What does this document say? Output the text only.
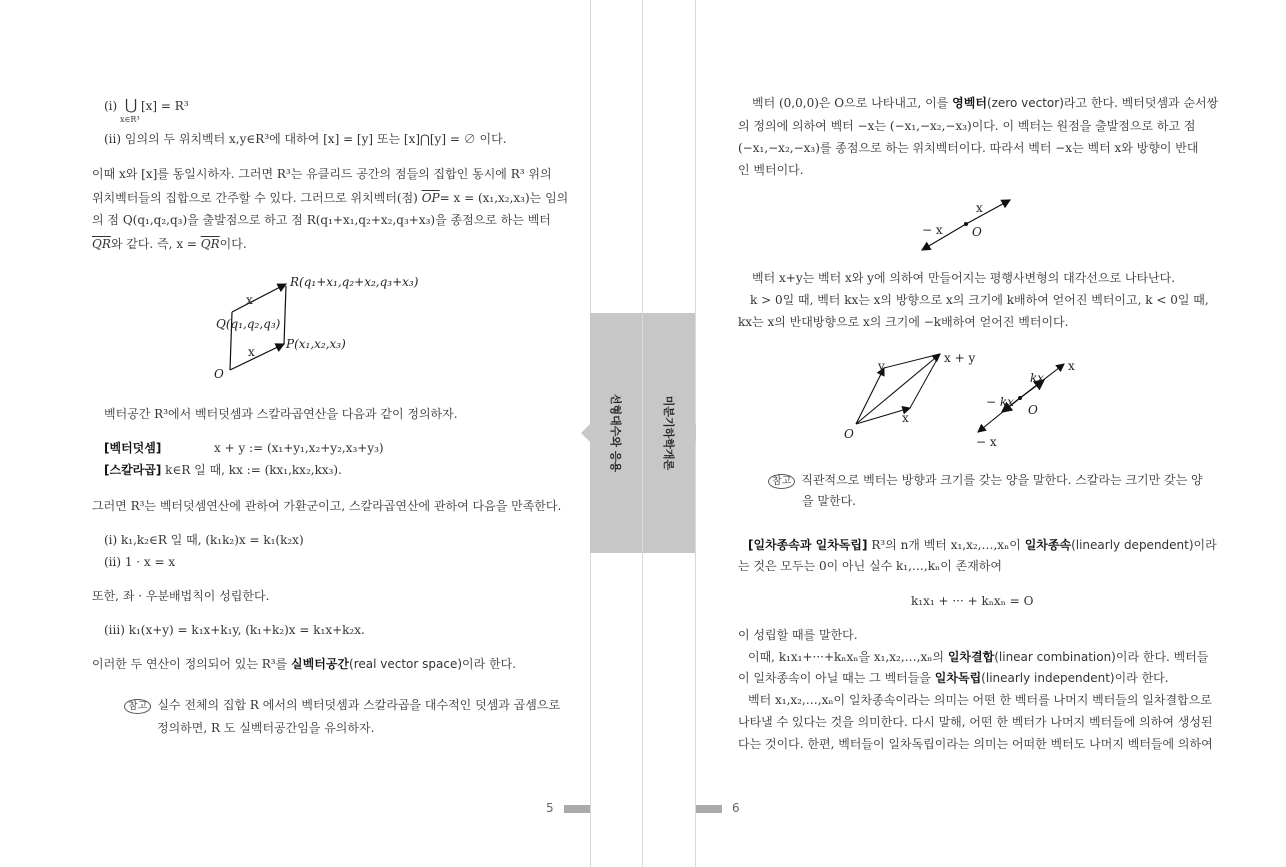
(i) ⋃ [x] = R³
x∈R³
(ii) 임의의 두 위치벡터 x,y∈R³에 대하여 [x] = [y] 또는 [x]⋂[y] = ∅ 이다.
이때 x와 [x]를 동일시하자. 그러면 R³는 유클리드 공간의 점들의 집합인 동시에 R³ 위의
위치벡터들의 집합으로 간주할 수 있다. 그러므로 위치벡터(점) $\overline{OP}= x = (x_1,x_2,x_3)$는 임의
의 점 Q(q₁,q₂,q₃)을 출발점으로 하고 점 R(q₁+x₁,q₂+x₂,q₃+x₃)을 종점으로 하는 벡터
$\overline{QR}$와 같다. 즉, $x = \overline{QR}$이다.
R(q₁+x₁,q₂+x₂,q₃+x₃)
Q(q₁,q₂,q₃)
P(x₁,x₂,x₃)
O
x
x
벡터공간 R³에서 벡터덧셈과 스칼라곱연산을 다음과 같이 정의하자.
[벡터덧셈]	x + y := (x₁+y₁,x₂+y₂,x₃+y₃)
[스칼라곱] k∈R 일 때, kx := (kx₁,kx₂,kx₃).
그러면 R³는 벡터덧셈연산에 관하여 가환군이고, 스칼라곱연산에 관하여 다음을 만족한다.
(i) k₁,k₂∈R 일 때, (k₁k₂)x = k₁(k₂x)
(ii) 1 · x = x
또한, 좌 · 우분배법칙이 성립한다.
(iii) k₁(x+y) = k₁x+k₁y, (k₁+k₂)x = k₁x+k₂x.
이러한 두 연산이 정의되어 있는 R³를 실벡터공간(real vector space)이라 한다.
참고 실수 전체의 집합 R 에서의 벡터덧셈과 스칼라곱을 대수적인 덧셈과 곱셈으로
정의하면, R 도 실벡터공간임을 유의하자.
5
선형대수와 응용	미분기하학개론
벡터 (0,0,0)은 O으로 나타내고, 이를 영벡터(zero vector)라고 한다. 벡터덧셈과 순서쌍
의 정의에 의하여 벡터 −x는 (−x₁,−x₂,−x₃)이다. 이 벡터는 원점을 출발점으로 하고 점
(−x₁,−x₂,−x₃)를 종점으로 하는 위치벡터이다. 따라서 벡터 −x는 벡터 x와 방향이 반대
인 벡터이다.
x
− x O
벡터 x+y는 벡터 x와 y에 의하여 만들어지는 평행사변형의 대각선으로 나타난다.
k > 0일 때, 벡터 kx는 x의 방향으로 x의 크기에 k배하여 얻어진 벡터이고, k < 0일 때,
kx는 x의 반대방향으로 x의 크기에 −k배하여 얻어진 벡터이다.
y
x + y
x
O
kx
x
− kx
O
− x
참고 직관적으로 벡터는 방향과 크기를 갖는 양을 말한다. 스칼라는 크기만 갖는 양
을 말한다.
[일차종속과 일차독립] R³의 n개 벡터 x₁,x₂,…,xₙ이 일차종속(linearly dependent)이라
는 것은 모두는 0이 아닌 실수 k₁,…,kₙ이 존재하여
k₁x₁ + ··· + kₙxₙ = O
이 성립할 때를 말한다.
이때, k₁x₁+···+kₙxₙ을 x₁,x₂,…,xₙ의 일차결합(linear combination)이라 한다. 벡터들
이 일차종속이 아닐 때는 그 벡터들을 일차독립(linearly independent)이라 한다.
벡터 x₁,x₂,…,xₙ이 일차종속이라는 의미는 어떤 한 벡터를 나머지 벡터들의 일차결합으로
나타낼 수 있다는 것을 의미한다. 다시 말해, 어떤 한 벡터가 나머지 벡터들에 의하여 생성된
다는 것이다. 한편, 벡터들이 일차독립이라는 의미는 어떠한 벡터도 나머지 벡터들에 의하여
6
